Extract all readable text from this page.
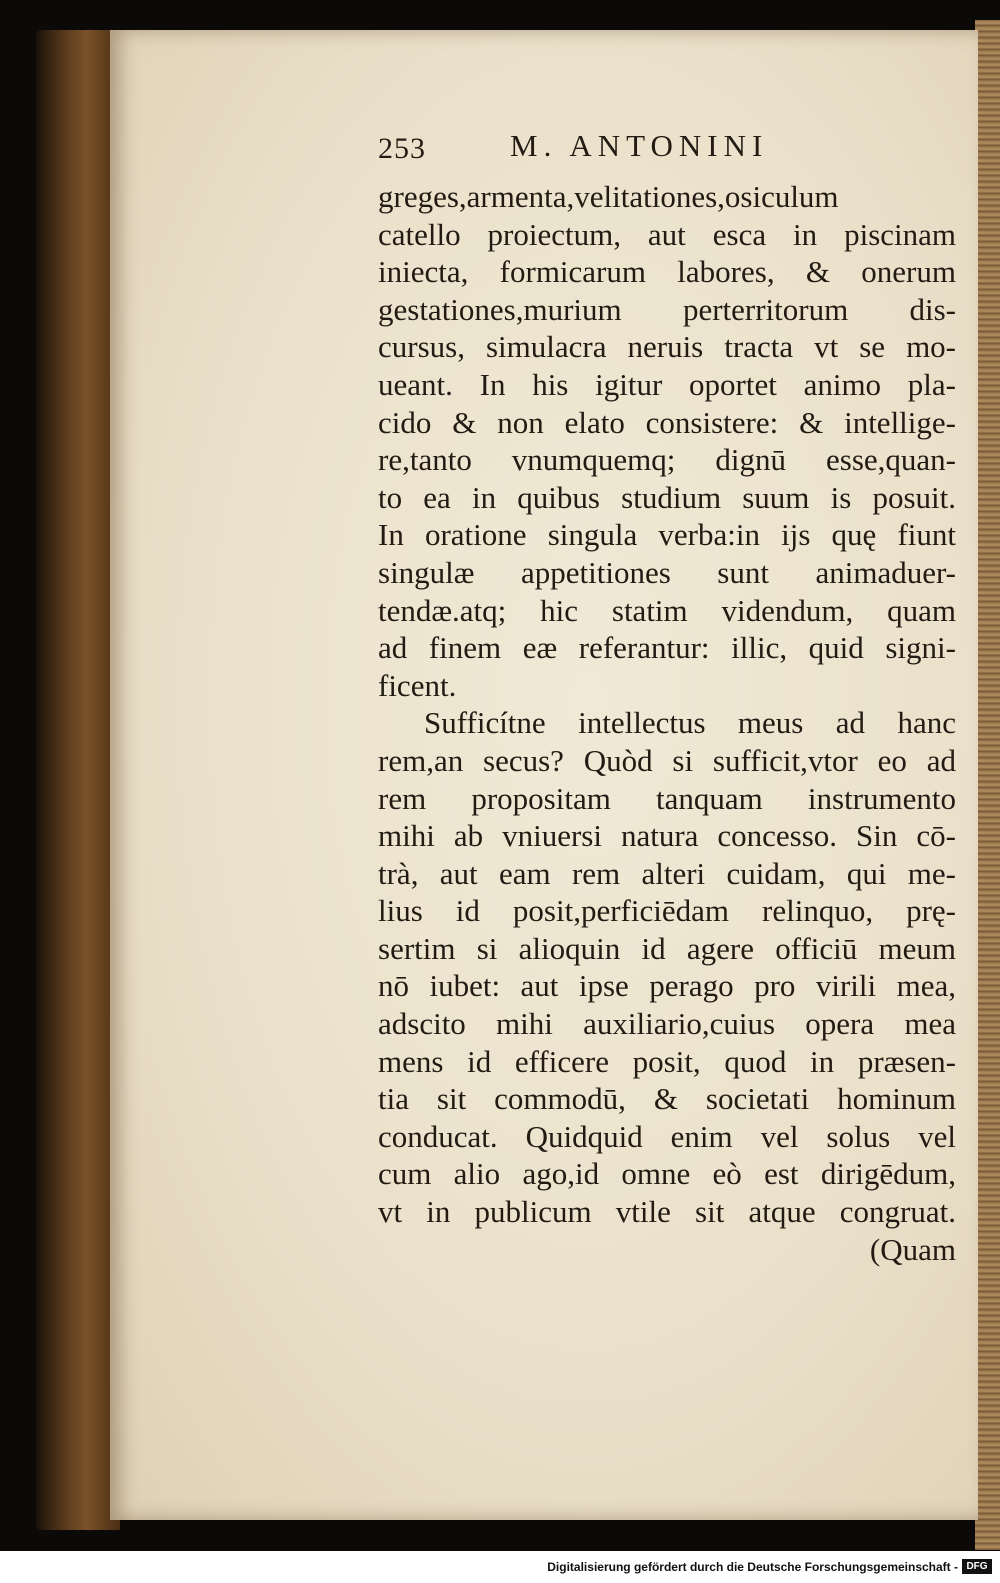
253	M. ANTONINI
greges,armenta,velitationes,osiculum
catello proiectum, aut esca in piscinam
iniecta, formicarum labores, & onerum
gestationes,murium perterritorum dis-
cursus, simulacra neruis tracta vt se mo-
ueant. In his igitur oportet animo pla-
cido & non elato consistere: & intellige-
re,tanto vnumquemq; dignū esse,quan-
to ea in quibus studium suum is posuit.
In oratione singula verba:in ijs quę fiunt
singulæ appetitiones sunt animaduer-
tendæ.atq; hic statim videndum, quam
ad finem eæ referantur: illic, quid signi-
ficent.
Sufficítne intellectus meus ad hanc
rem,an secus? Quòd si sufficit,vtor eo ad
rem propositam tanquam instrumento
mihi ab vniuersi natura concesso. Sin cō-
trà, aut eam rem alteri cuidam, qui me-
lius id posit,perficiēdam relinquo, prę-
sertim si alioquin id agere officiū meum
nō iubet: aut ipse perago pro virili mea,
adscito mihi auxiliario,cuius opera mea
mens id efficere posit, quod in præsen-
tia sit commodū, & societati hominum
conducat. Quidquid enim vel solus vel
cum alio ago,id omne eò est dirigēdum,
vt in publicum vtile sit atque congruat.
(Quam
Digitalisierung gefördert durch die Deutsche Forschungsgemeinschaft - DFG
